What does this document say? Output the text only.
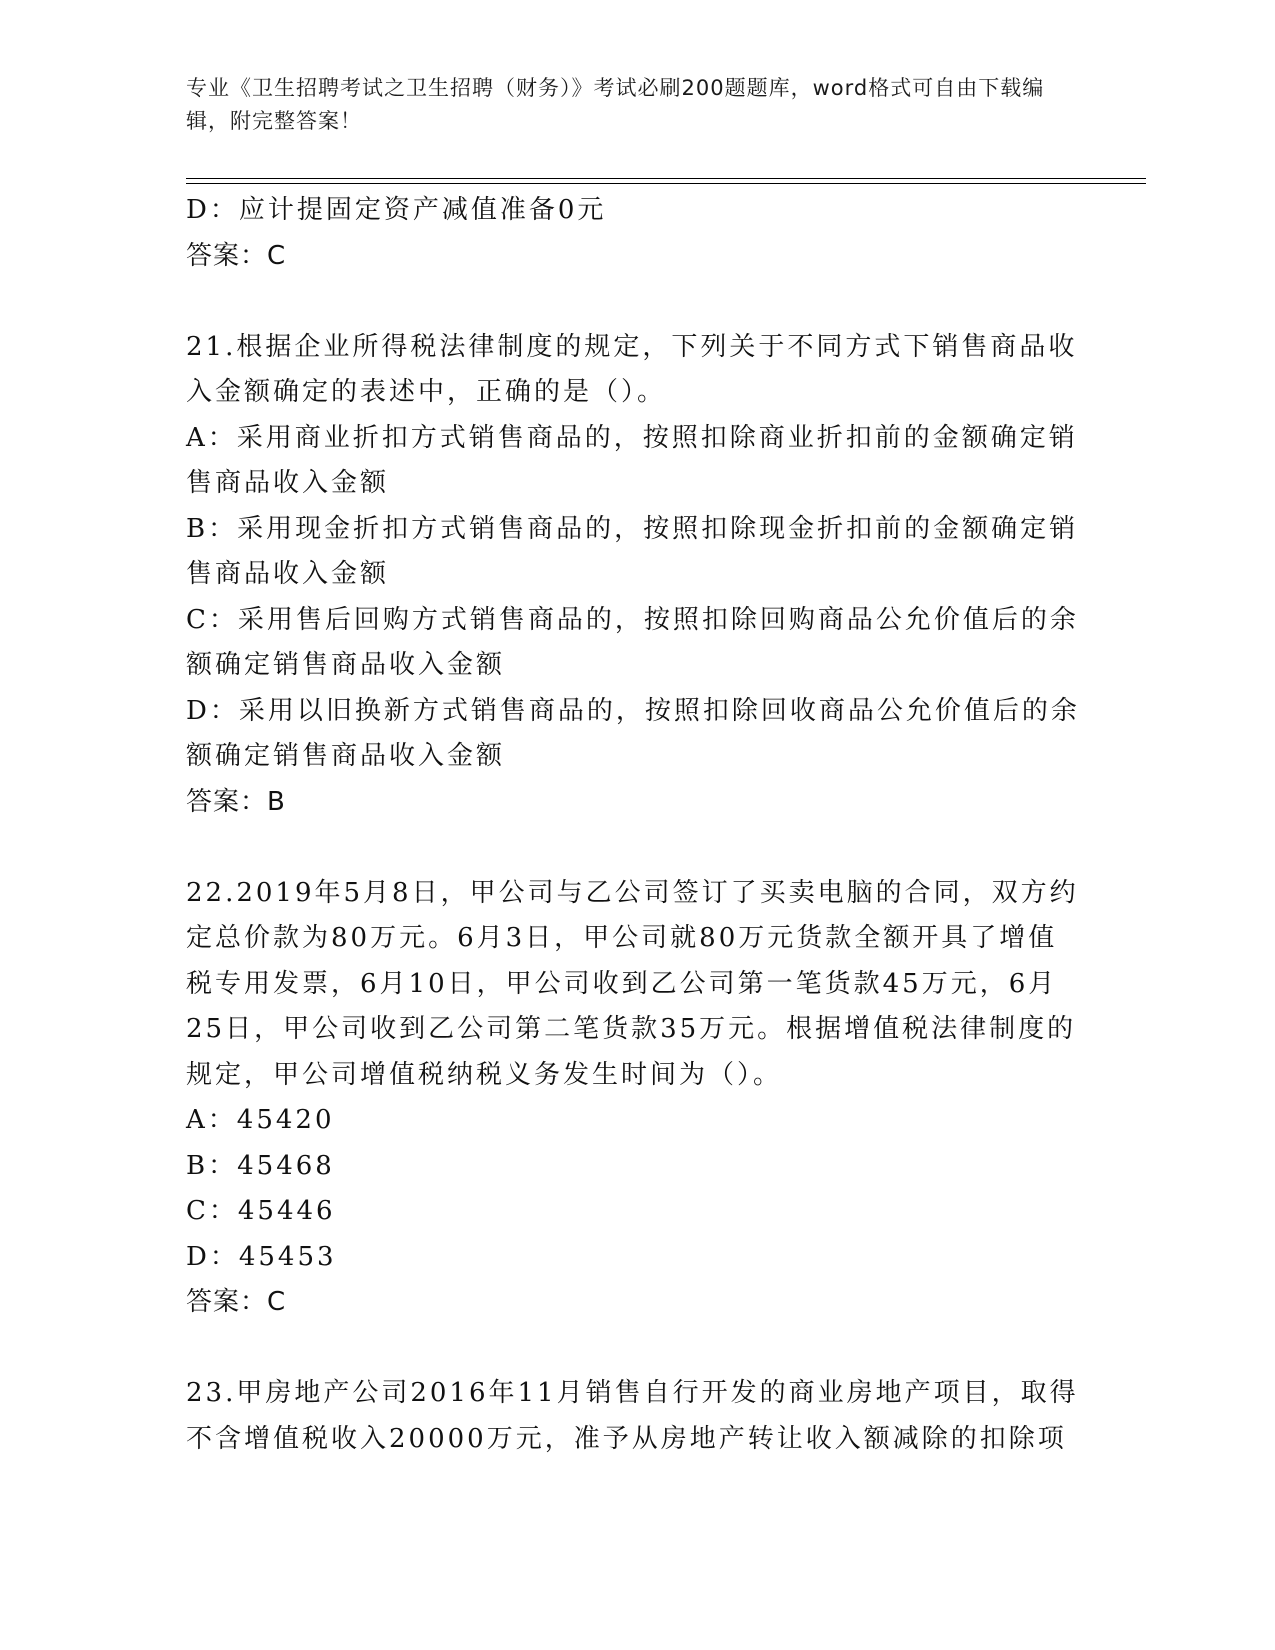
专业《卫生招聘考试之卫生招聘（财务）》考试必刷200题题库，word格式可自由下载编辑，附完整答案！

D：应计提固定资产减值准备0元

答案：C

21.根据企业所得税法律制度的规定，下列关于不同方式下销售商品收入金额确定的表述中，正确的是（）。

A：采用商业折扣方式销售商品的，按照扣除商业折扣前的金额确定销售商品收入金额

B：采用现金折扣方式销售商品的，按照扣除现金折扣前的金额确定销售商品收入金额

C：采用售后回购方式销售商品的，按照扣除回购商品公允价值后的余额确定销售商品收入金额

D：采用以旧换新方式销售商品的，按照扣除回收商品公允价值后的余额确定销售商品收入金额

答案：B

22.2019年5月8日，甲公司与乙公司签订了买卖电脑的合同，双方约定总价款为80万元。6月3日，甲公司就80万元货款全额开具了增值税专用发票，6月10日，甲公司收到乙公司第一笔货款45万元，6月25日，甲公司收到乙公司第二笔货款35万元。根据增值税法律制度的规定，甲公司增值税纳税义务发生时间为（）。

A：45420

B：45468

C：45446

D：45453

答案：C

23.甲房地产公司2016年11月销售自行开发的商业房地产项目，取得不含增值税收入20000万元，准予从房地产转让收入额减除的扣除项
